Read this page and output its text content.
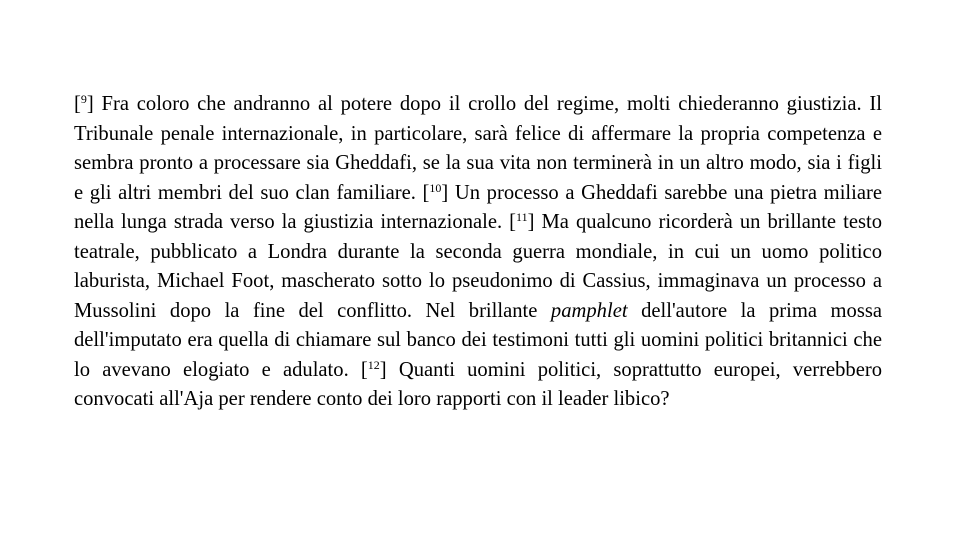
[$^9$] Fra coloro che andranno al potere dopo il crollo del regime, molti chiederanno giustizia. Il Tribunale penale internazionale, in particolare, sarà felice di affermare la propria competenza e sembra pronto a processare sia Gheddafi, se la sua vita non terminerà in un altro modo, sia i figli e gli altri membri del suo clan familiare. [$^{10}$] Un processo a Gheddafi sarebbe una pietra miliare nella lunga strada verso la giustizia internazionale. [$^{11}$] Ma qualcuno ricorderà un brillante testo teatrale, pubblicato a Londra durante la seconda guerra mondiale, in cui un uomo politico laburista, Michael Foot, mascherato sotto lo pseudonimo di Cassius, immaginava un processo a Mussolini dopo la fine del conflitto. Nel brillante pamphlet dell'autore la prima mossa dell'imputato era quella di chiamare sul banco dei testimoni tutti gli uomini politici britannici che lo avevano elogiato e adulato. [$^{12}$] Quanti uomini politici, soprattutto europei, verrebbero convocati all'Aja per rendere conto dei loro rapporti con il leader libico?
